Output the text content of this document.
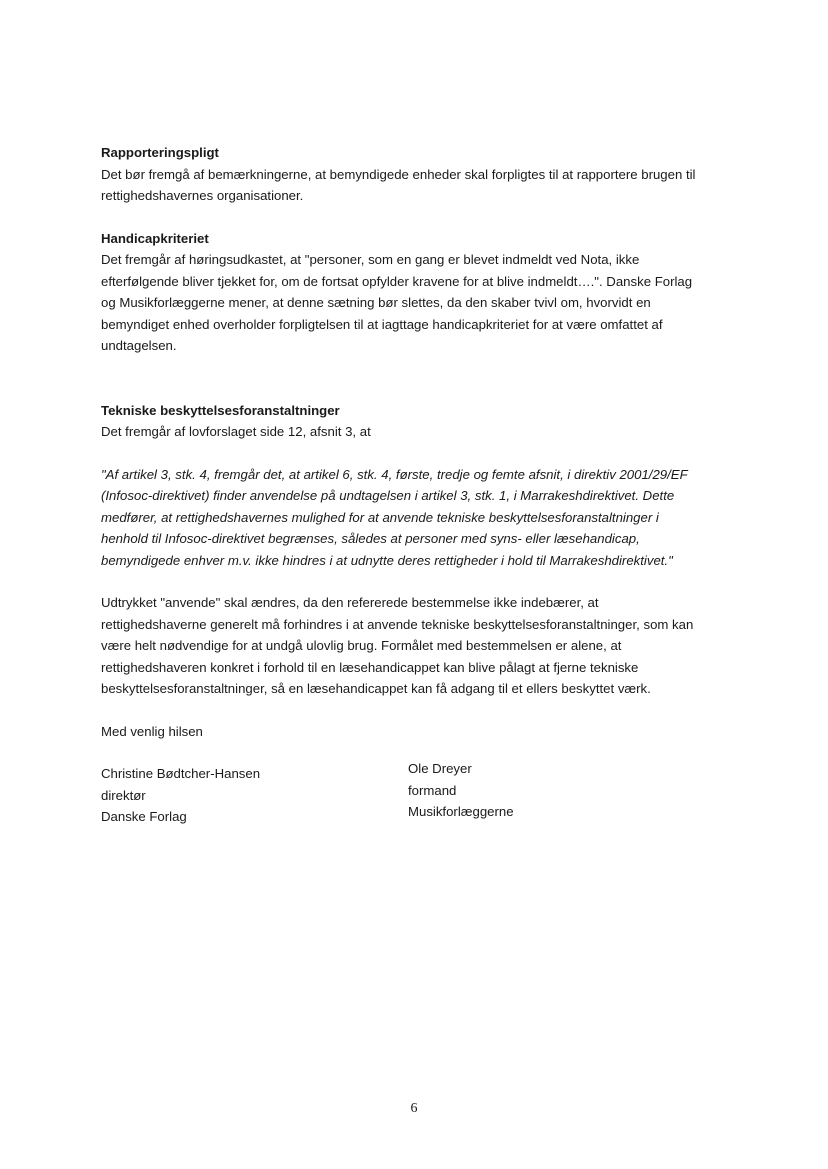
Rapporteringspligt

Det bør fremgå af bemærkningerne, at bemyndigede enheder skal forpligtes til at rapportere brugen til rettighedshavernes organisationer.

Handicapkriteriet

Det fremgår af høringsudkastet, at "personer, som en gang er blevet indmeldt ved Nota, ikke efterfølgende bliver tjekket for, om de fortsat opfylder kravene for at blive indmeldt….". Danske Forlag og Musikforlæggerne mener, at denne sætning bør slettes, da den skaber tvivl om, hvorvidt en bemyndiget enhed overholder forpligtelsen til at iagttage handicapkriteriet for at være omfattet af undtagelsen.

Tekniske beskyttelsesforanstaltninger

Det fremgår af lovforslaget side 12, afsnit 3, at

"Af artikel 3, stk. 4, fremgår det, at artikel 6, stk. 4, første, tredje og femte afsnit, i direktiv 2001/29/EF (Infosoc-direktivet) finder anvendelse på undtagelsen i artikel 3, stk. 1, i Marrakeshdirektivet. Dette medfører, at rettighedshavernes mulighed for at anvende tekniske beskyttelsesforanstaltninger i henhold til Infosoc-direktivet begrænses, således at personer med syns- eller læsehandicap, bemyndigede enhver m.v. ikke hindres i at udnytte deres rettigheder i hold til Marrakeshdirektivet."

Udtrykket "anvende" skal ændres, da den refererede bestemmelse ikke indebærer, at rettighedshaverne generelt må forhindres i at anvende tekniske beskyttelsesforanstaltninger, som kan være helt nødvendige for at undgå ulovlig brug. Formålet med bestemmelsen er alene, at rettighedshaveren konkret i forhold til en læsehandicappet kan blive pålagt at fjerne tekniske beskyttelsesforanstaltninger, så en læsehandicappet kan få adgang til et ellers beskyttet værk.

Med venlig hilsen

Christine Bødtcher-Hansen

direktør

Danske Forlag

Ole Dreyer

formand

Musikforlæggerne

6
